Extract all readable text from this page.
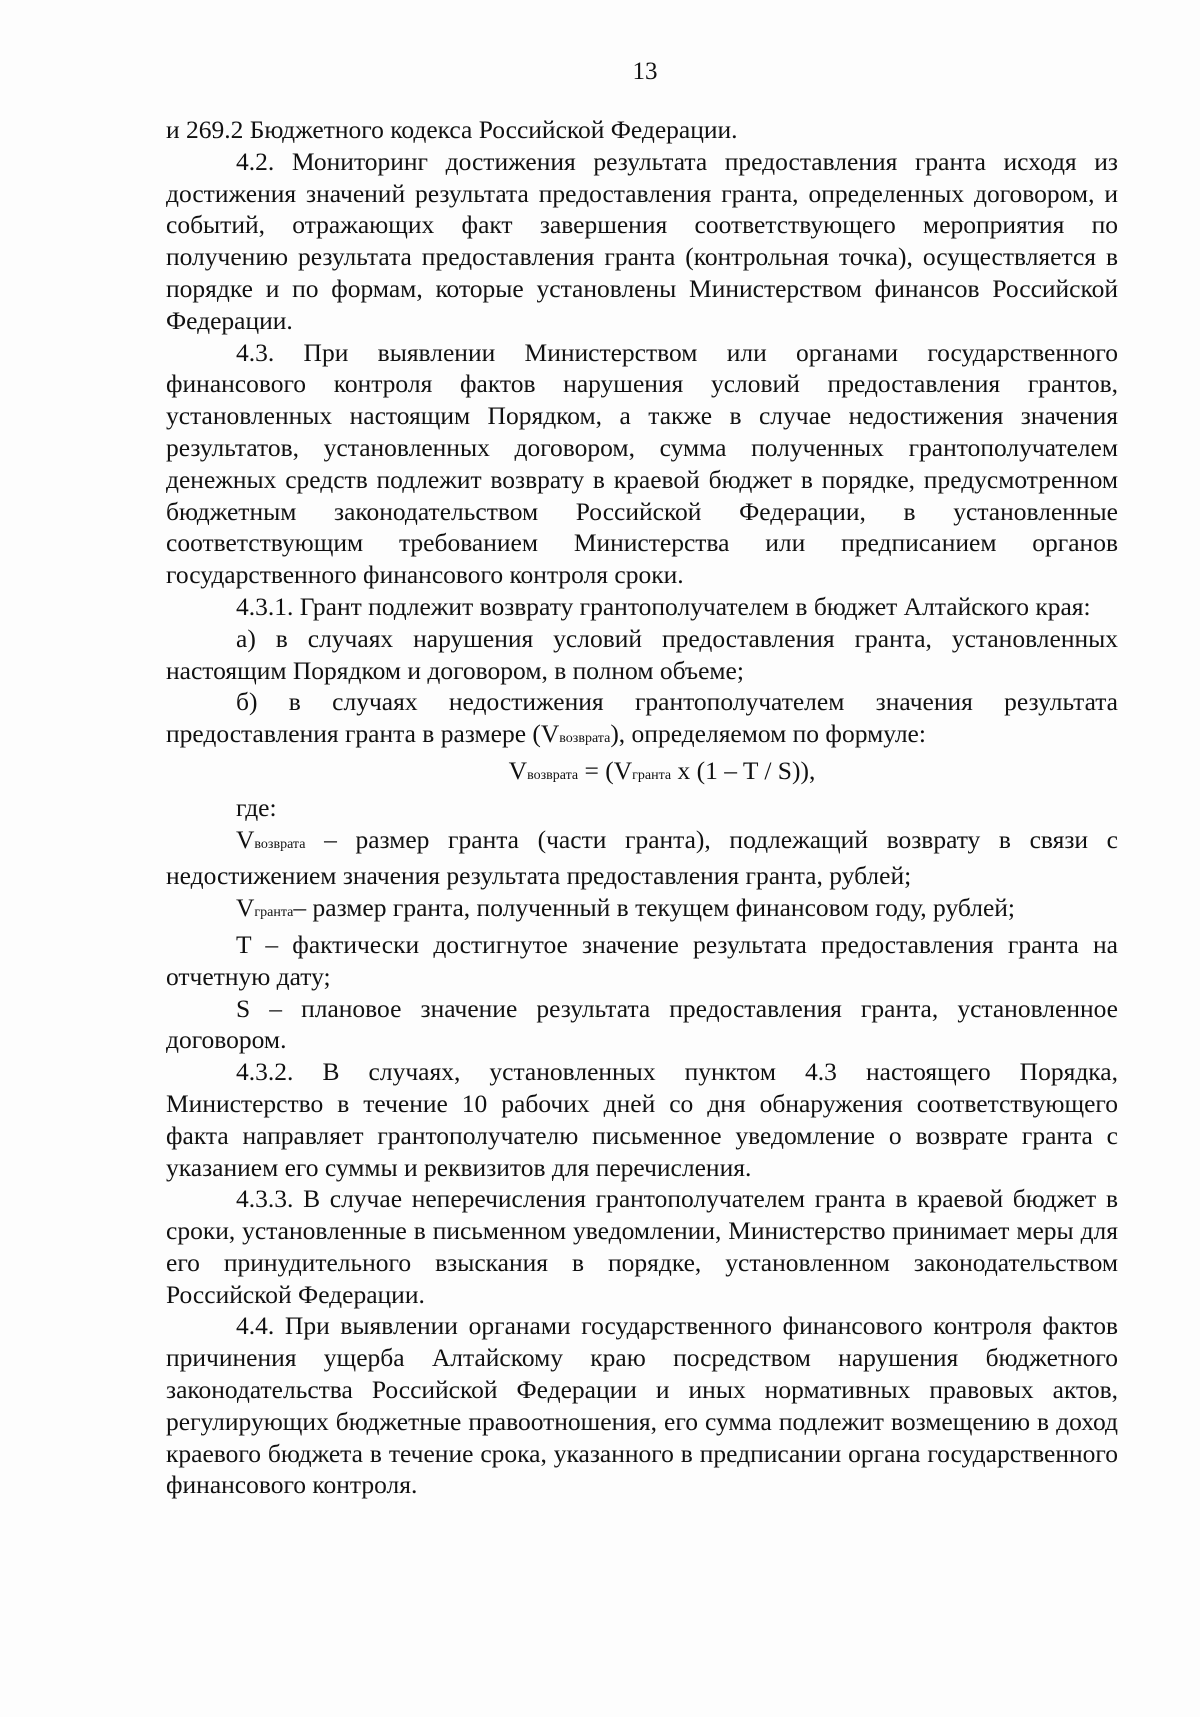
13

и 269.2 Бюджетного кодекса Российской Федерации.

4.2. Мониторинг достижения результата предоставления гранта исходя из достижения значений результата предоставления гранта, определенных договором, и событий, отражающих факт завершения соответствующего мероприятия по получению результата предоставления гранта (контрольная точка), осуществляется в порядке и по формам, которые установлены Министерством финансов Российской Федерации.

4.3. При выявлении Министерством или органами государственного финансового контроля фактов нарушения условий предоставления грантов, установленных настоящим Порядком, а также в случае недостижения значения результатов, установленных договором, сумма полученных грантополучателем денежных средств подлежит возврату в краевой бюджет в порядке, предусмотренном бюджетным законодательством Российской Федерации, в установленные соответствующим требованием Министерства или предписанием органов государственного финансового контроля сроки.

4.3.1. Грант подлежит возврату грантополучателем в бюджет Алтайского края:

а) в случаях нарушения условий предоставления гранта, установленных настоящим Порядком и договором, в полном объеме;

б) в случаях недостижения грантополучателем значения результата предоставления гранта в размере (Vвозврата), определяемом по формуле:

Vвозврата = (Vгранта x (1 – T / S)),

где:

Vвозврата – размер гранта (части гранта), подлежащий возврату в связи с недостижением значения результата предоставления гранта, рублей;

Vгранта– размер гранта, полученный в текущем финансовом году, рублей;

T – фактически достигнутое значение результата предоставления гранта на отчетную дату;

S – плановое значение результата предоставления гранта, установленное договором.

4.3.2. В случаях, установленных пунктом 4.3 настоящего Порядка, Министерство в течение 10 рабочих дней со дня обнаружения соответствующего факта направляет грантополучателю письменное уведомление о возврате гранта с указанием его суммы и реквизитов для перечисления.

4.3.3. В случае неперечисления грантополучателем гранта в краевой бюджет в сроки, установленные в письменном уведомлении, Министерство принимает меры для его принудительного взыскания в порядке, установленном законодательством Российской Федерации.

4.4. При выявлении органами государственного финансового контроля фактов причинения ущерба Алтайскому краю посредством нарушения бюджетного законодательства Российской Федерации и иных нормативных правовых актов, регулирующих бюджетные правоотношения, его сумма подлежит возмещению в доход краевого бюджета в течение срока, указанного в предписании органа государственного финансового контроля.
